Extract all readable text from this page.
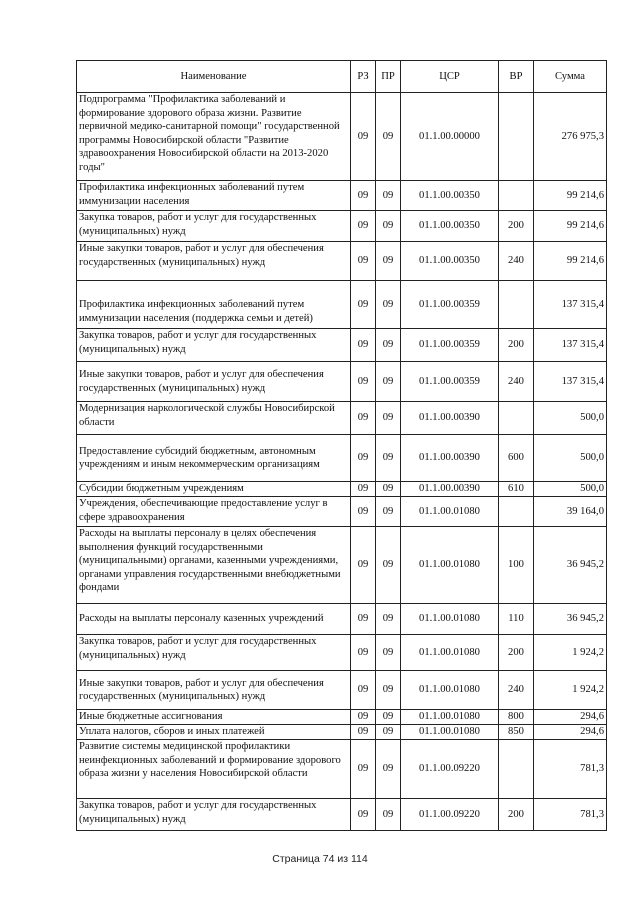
Наименование	РЗ	ПР	ЦСР	ВР	Сумма
Подпрограмма "Профилактика заболеваний и формирование здорового образа жизни. Развитие первичной медико-санитарной помощи" государственной программы Новосибирской области "Развитие здравоохранения Новосибирской области на 2013-2020 годы"	09	09	01.1.00.00000		276 975,3
Профилактика инфекционных заболеваний путем иммунизации населения	09	09	01.1.00.00350		99 214,6
Закупка товаров, работ и услуг для государственных (муниципальных) нужд	09	09	01.1.00.00350	200	99 214,6
Иные закупки товаров, работ и услуг для обеспечения государственных (муниципальных) нужд	09	09	01.1.00.00350	240	99 214,6
Профилактика инфекционных заболеваний путем иммунизации населения (поддержка семьи и детей)	09	09	01.1.00.00359		137 315,4
Закупка товаров, работ и услуг для государственных (муниципальных) нужд	09	09	01.1.00.00359	200	137 315,4
Иные закупки товаров, работ и услуг для обеспечения государственных (муниципальных) нужд	09	09	01.1.00.00359	240	137 315,4
Модернизация наркологической службы Новосибирской области	09	09	01.1.00.00390		500,0
Предоставление субсидий бюджетным, автономным учреждениям и иным некоммерческим организациям	09	09	01.1.00.00390	600	500,0
Субсидии бюджетным учреждениям	09	09	01.1.00.00390	610	500,0
Учреждения, обеспечивающие предоставление услуг в сфере здравоохранения	09	09	01.1.00.01080		39 164,0
Расходы на выплаты персоналу в целях обеспечения выполнения функций государственными (муниципальными) органами, казенными учреждениями, органами управления государственными внебюджетными фондами	09	09	01.1.00.01080	100	36 945,2
Расходы на выплаты персоналу казенных учреждений	09	09	01.1.00.01080	110	36 945,2
Закупка товаров, работ и услуг для государственных (муниципальных) нужд	09	09	01.1.00.01080	200	1 924,2
Иные закупки товаров, работ и услуг для обеспечения государственных (муниципальных) нужд	09	09	01.1.00.01080	240	1 924,2
Иные бюджетные ассигнования	09	09	01.1.00.01080	800	294,6
Уплата налогов, сборов и иных платежей	09	09	01.1.00.01080	850	294,6
Развитие системы медицинской профилактики неинфекционных заболеваний и формирование здорового образа жизни у населения Новосибирской области	09	09	01.1.00.09220		781,3
Закупка товаров, работ и услуг для государственных (муниципальных) нужд	09	09	01.1.00.09220	200	781,3
Страница 74 из 114
